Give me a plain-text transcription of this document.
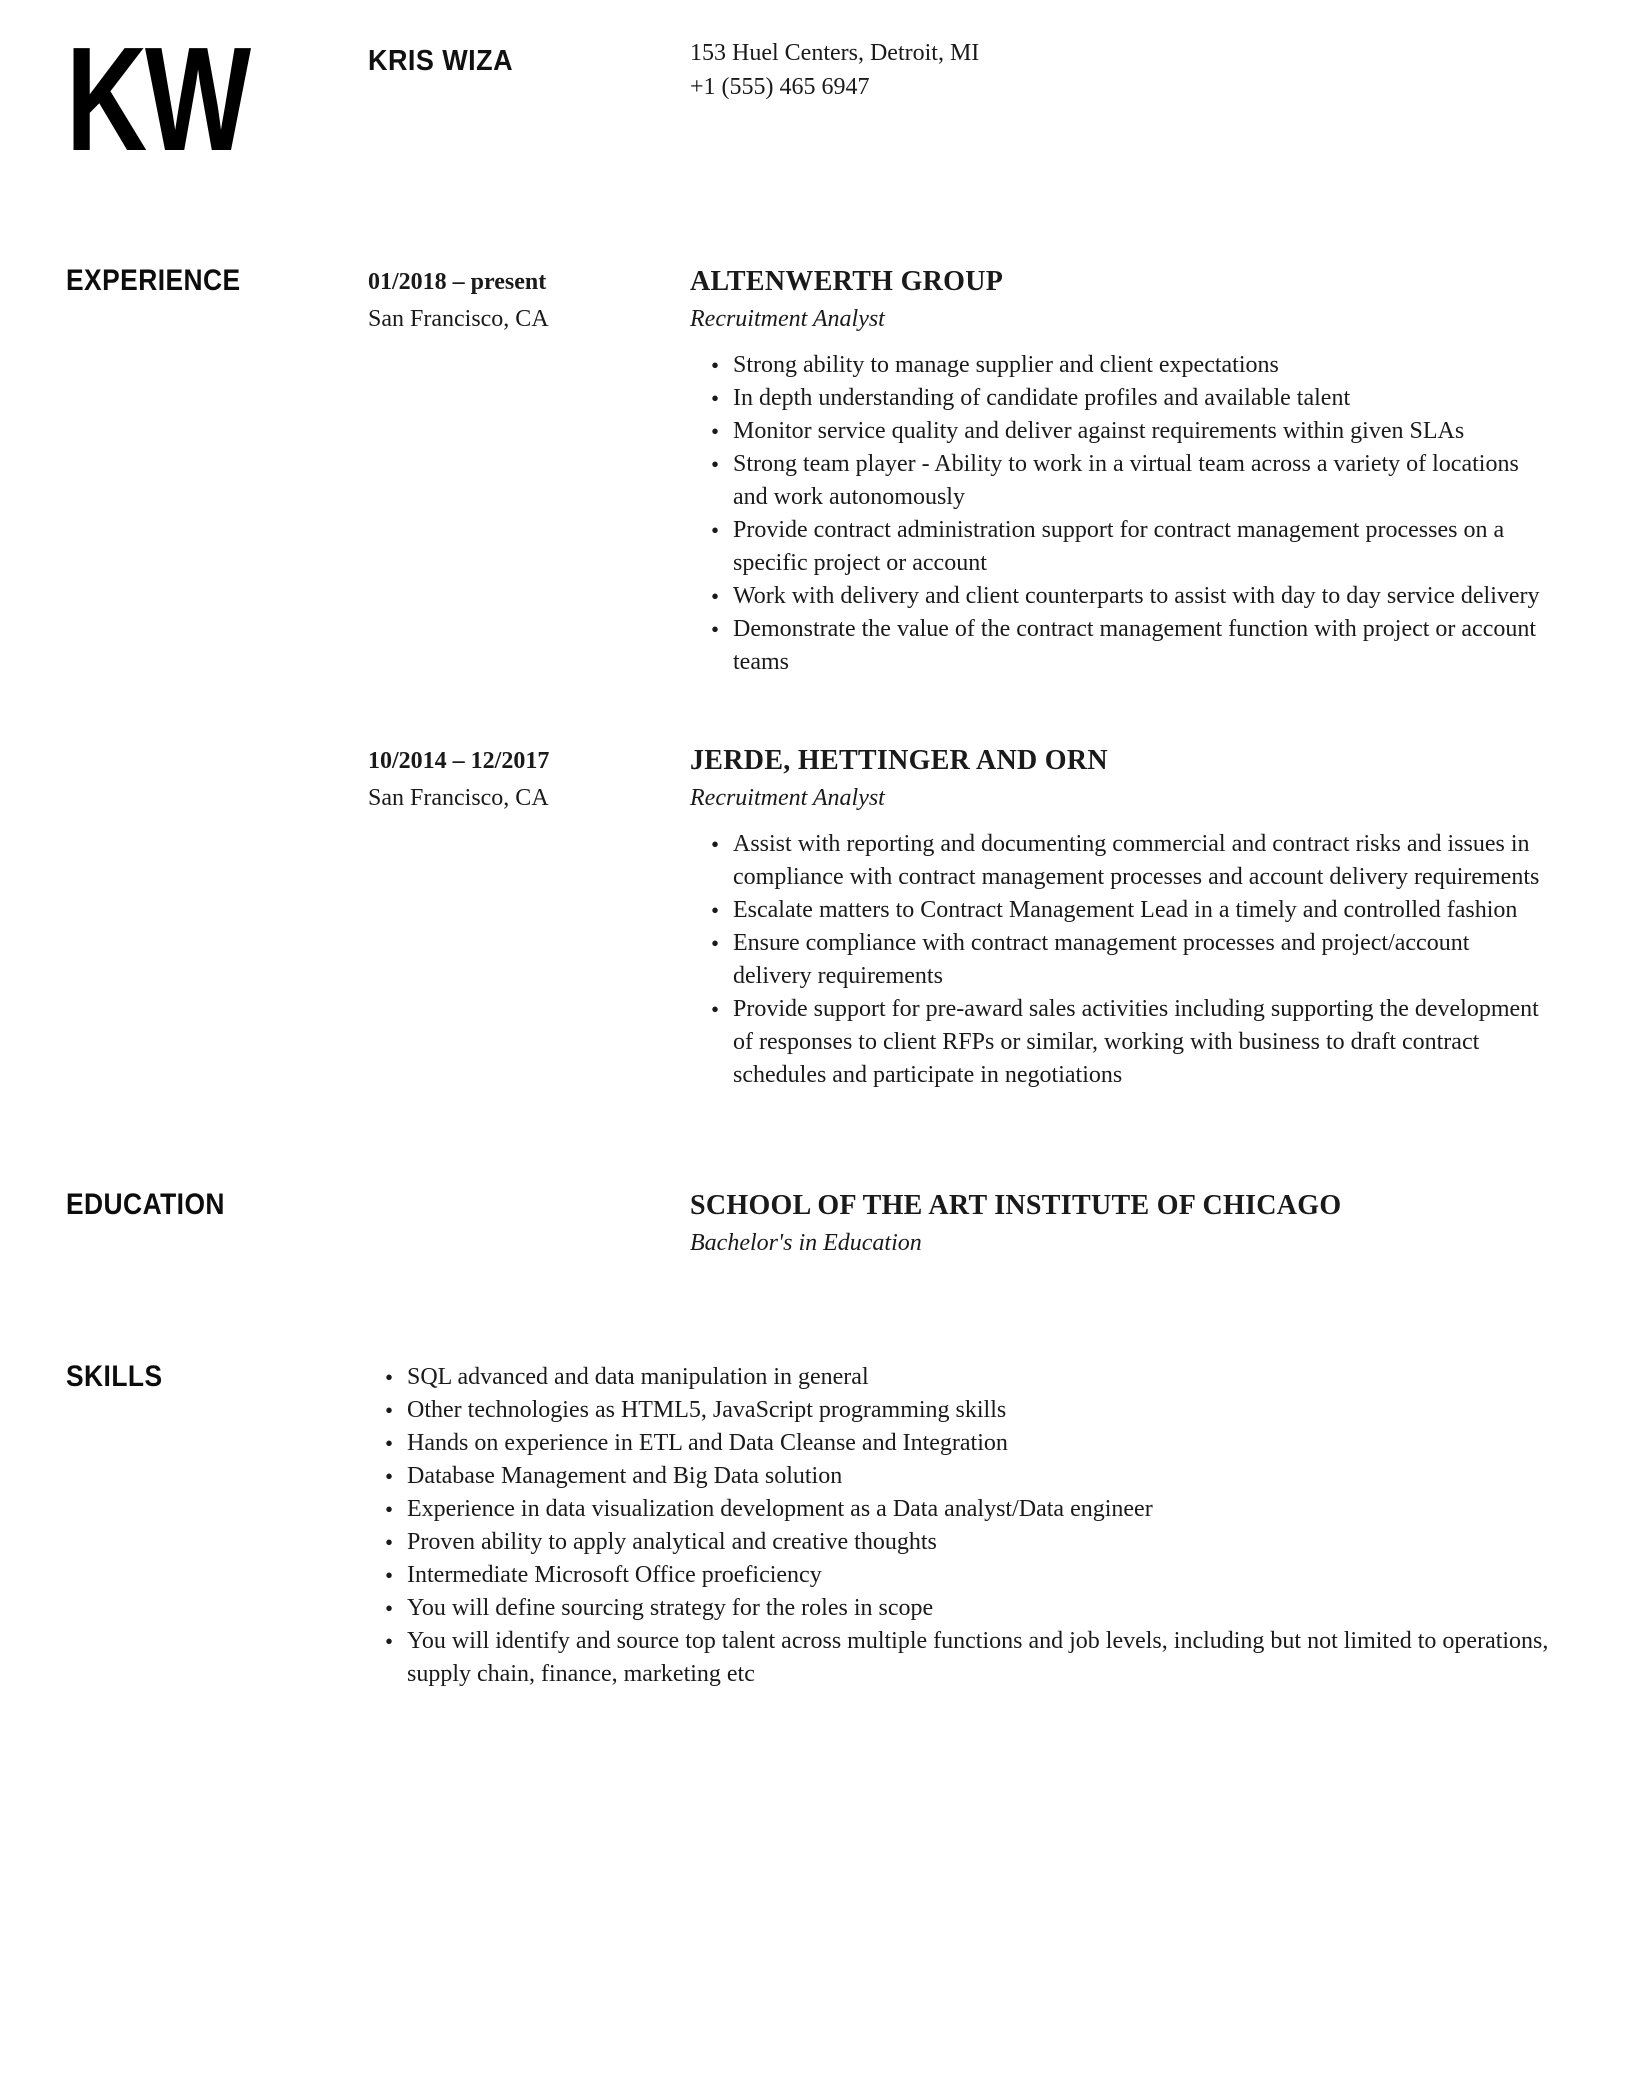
KW	KRIS WIZA	153 Huel Centers, Detroit, MI
+1 (555) 465 6947
EXPERIENCE	01/2018 – present
San Francisco, CA
ALTENWERTH GROUP
Recruitment Analyst
• Strong ability to manage supplier and client expectations
• In depth understanding of candidate profiles and available talent
• Monitor service quality and deliver against requirements within given SLAs
• Strong team player - Ability to work in a virtual team across a variety of locations and work autonomously
• Provide contract administration support for contract management processes on a specific project or account
• Work with delivery and client counterparts to assist with day to day service delivery
• Demonstrate the value of the contract management function with project or account teams
10/2014 – 12/2017
San Francisco, CA
JERDE, HETTINGER AND ORN
Recruitment Analyst
• Assist with reporting and documenting commercial and contract risks and issues in compliance with contract management processes and account delivery requirements
• Escalate matters to Contract Management Lead in a timely and controlled fashion
• Ensure compliance with contract management processes and project/account delivery requirements
• Provide support for pre-award sales activities including supporting the development of responses to client RFPs or similar, working with business to draft contract schedules and participate in negotiations
EDUCATION	SCHOOL OF THE ART INSTITUTE OF CHICAGO
Bachelor's in Education
SKILLS	• SQL advanced and data manipulation in general
• Other technologies as HTML5, JavaScript programming skills
• Hands on experience in ETL and Data Cleanse and Integration
• Database Management and Big Data solution
• Experience in data visualization development as a Data analyst/Data engineer
• Proven ability to apply analytical and creative thoughts
• Intermediate Microsoft Office proeficiency
• You will define sourcing strategy for the roles in scope
• You will identify and source top talent across multiple functions and job levels, including but not limited to operations, supply chain, finance, marketing etc
